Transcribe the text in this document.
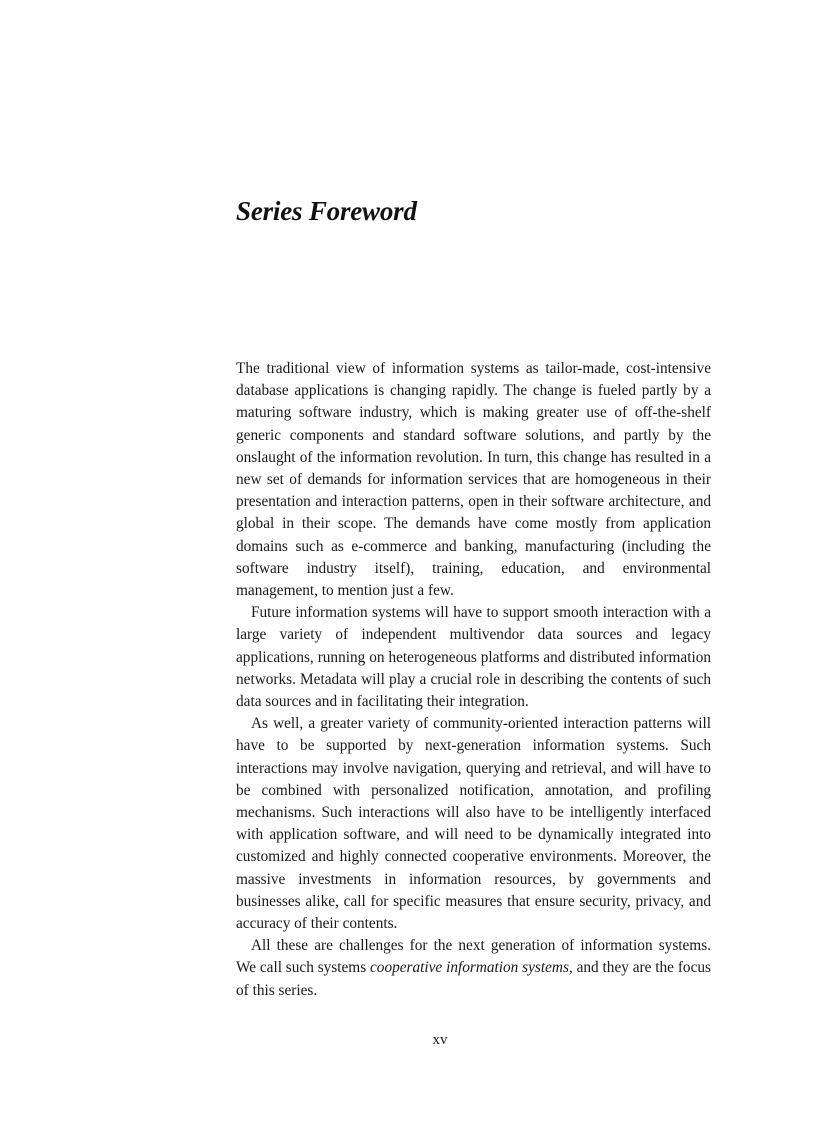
Series Foreword

The traditional view of information systems as tailor-made, cost-intensive database applications is changing rapidly. The change is fueled partly by a maturing software industry, which is making greater use of off-the-shelf generic components and standard software solutions, and partly by the onslaught of the information revolution. In turn, this change has resulted in a new set of demands for information services that are homogeneous in their presentation and interaction patterns, open in their software architecture, and global in their scope. The demands have come mostly from application domains such as e-commerce and banking, manufacturing (including the software industry itself), training, education, and environmental management, to mention just a few.

Future information systems will have to support smooth interaction with a large variety of independent multivendor data sources and legacy applications, running on heterogeneous platforms and distributed information networks. Metadata will play a crucial role in describing the contents of such data sources and in facilitating their integration.

As well, a greater variety of community-oriented interaction patterns will have to be supported by next-generation information systems. Such interactions may involve navigation, querying and retrieval, and will have to be combined with personalized notification, annotation, and profiling mechanisms. Such interactions will also have to be intelligently interfaced with application software, and will need to be dynamically integrated into customized and highly connected cooperative environments. Moreover, the massive investments in information resources, by governments and businesses alike, call for specific measures that ensure security, privacy, and accuracy of their contents.

All these are challenges for the next generation of information systems. We call such systems cooperative information systems, and they are the focus of this series.

xv
